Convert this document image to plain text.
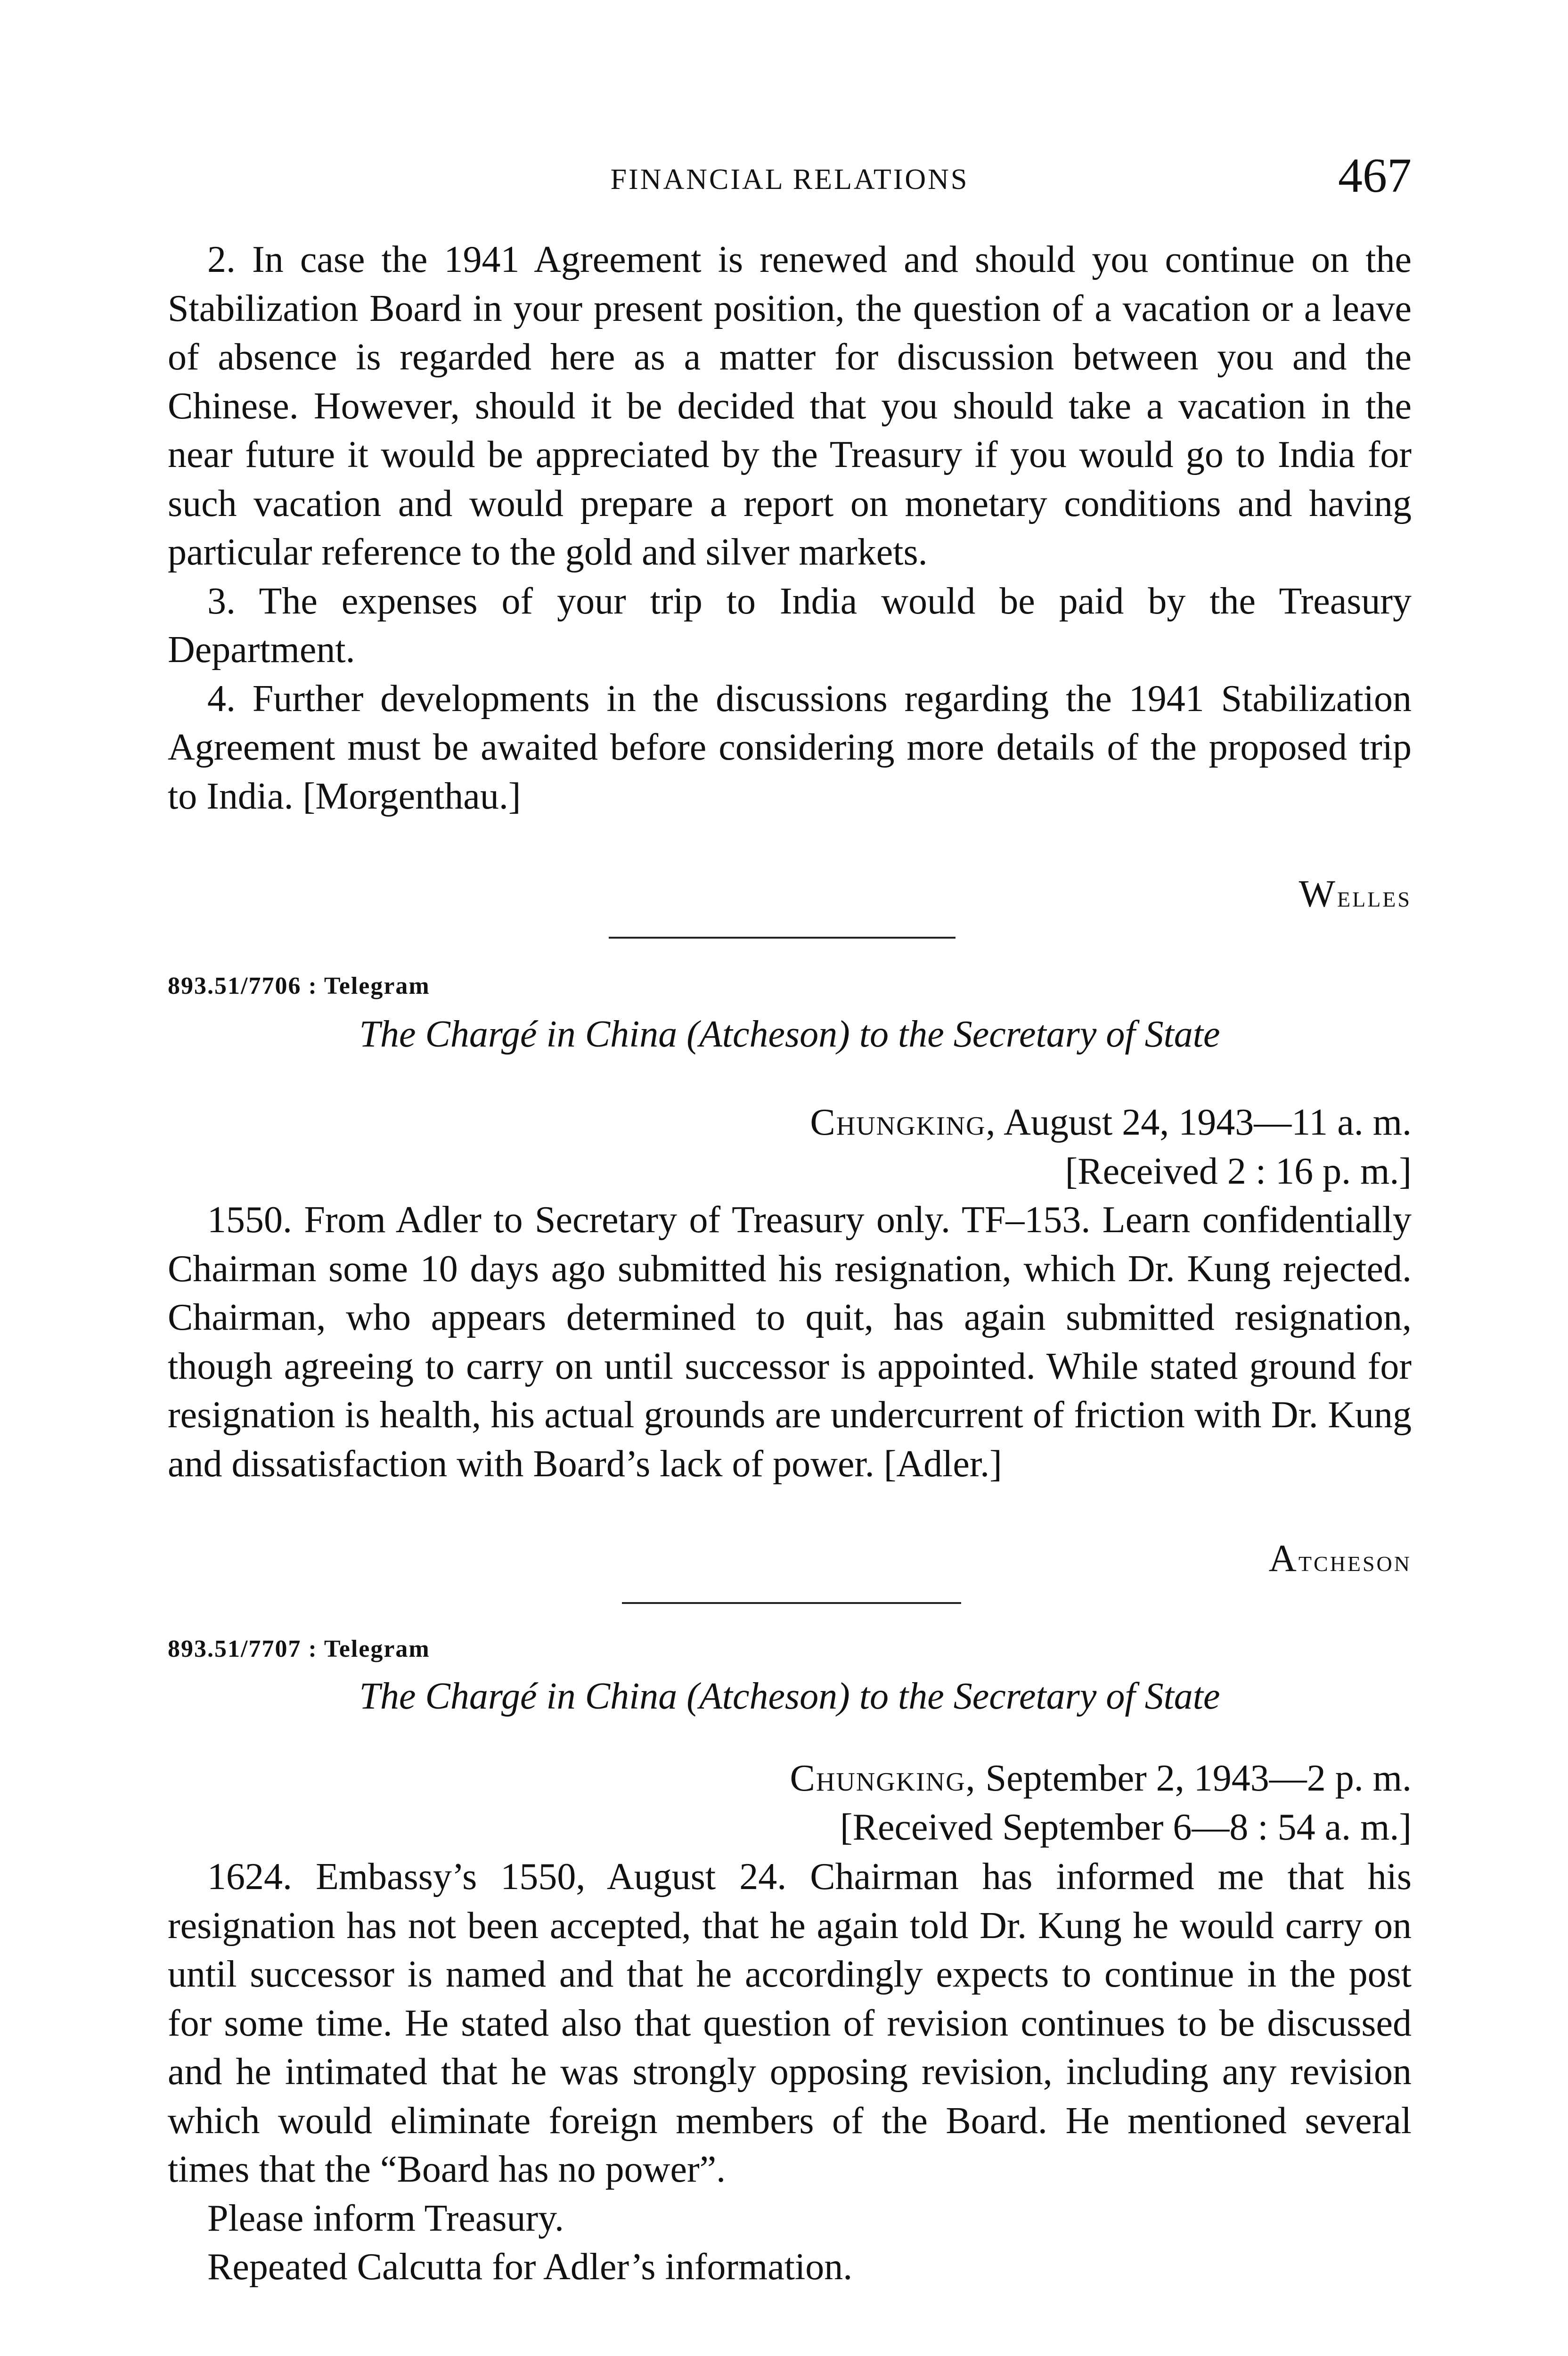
FINANCIAL RELATIONS	467

2. In case the 1941 Agreement is renewed and should you continue on the Stabilization Board in your present position, the question of a vacation or a leave of absence is regarded here as a matter for discussion between you and the Chinese. However, should it be decided that you should take a vacation in the near future it would be appreciated by the Treasury if you would go to India for such vacation and would prepare a report on monetary conditions and having particular reference to the gold and silver markets.

3. The expenses of your trip to India would be paid by the Treasury Department.

4. Further developments in the discussions regarding the 1941 Stabilization Agreement must be awaited before considering more details of the proposed trip to India. [Morgenthau.]

Welles
893.51/7706 : Telegram
The Chargé in China (Atcheson) to the Secretary of State
Chungking, August 24, 1943—11 a. m.
[Received 2 : 16 p. m.]

1550. From Adler to Secretary of Treasury only. TF–153. Learn confidentially Chairman some 10 days ago submitted his resignation, which Dr. Kung rejected. Chairman, who appears determined to quit, has again submitted resignation, though agreeing to carry on until successor is appointed. While stated ground for resignation is health, his actual grounds are undercurrent of friction with Dr. Kung and dissatisfaction with Board’s lack of power. [Adler.]

Atcheson
893.51/7707 : Telegram
The Chargé in China (Atcheson) to the Secretary of State
Chungking, September 2, 1943—2 p. m.
[Received September 6—8 : 54 a. m.]

1624. Embassy’s 1550, August 24. Chairman has informed me that his resignation has not been accepted, that he again told Dr. Kung he would carry on until successor is named and that he accordingly expects to continue in the post for some time. He stated also that question of revision continues to be discussed and he intimated that he was strongly opposing revision, including any revision which would eliminate foreign members of the Board. He mentioned several times that the “Board has no power”.

Please inform Treasury.

Repeated Calcutta for Adler’s information.
